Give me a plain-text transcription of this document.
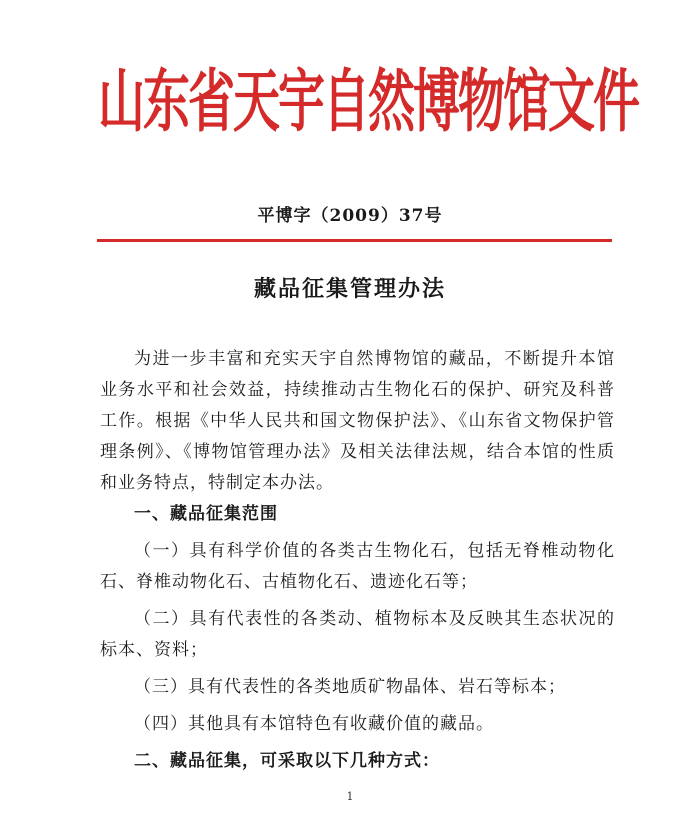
山东省天宇自然博物馆文件
平博字（2009）37号
藏品征集管理办法

为进一步丰富和充实天宇自然博物馆的藏品，不断提升本馆业务水平和社会效益，持续推动古生物化石的保护、研究及科普工作。根据《中华人民共和国文物保护法》、《山东省文物保护管理条例》、《博物馆管理办法》及相关法律法规，结合本馆的性质和业务特点，特制定本办法。

一、藏品征集范围

（一）具有科学价值的各类古生物化石，包括无脊椎动物化石、脊椎动物化石、古植物化石、遗迹化石等；

（二）具有代表性的各类动、植物标本及反映其生态状况的标本、资料；

（三）具有代表性的各类地质矿物晶体、岩石等标本；

（四）其他具有本馆特色有收藏价值的藏品。

二、藏品征集，可采取以下几种方式：

1
